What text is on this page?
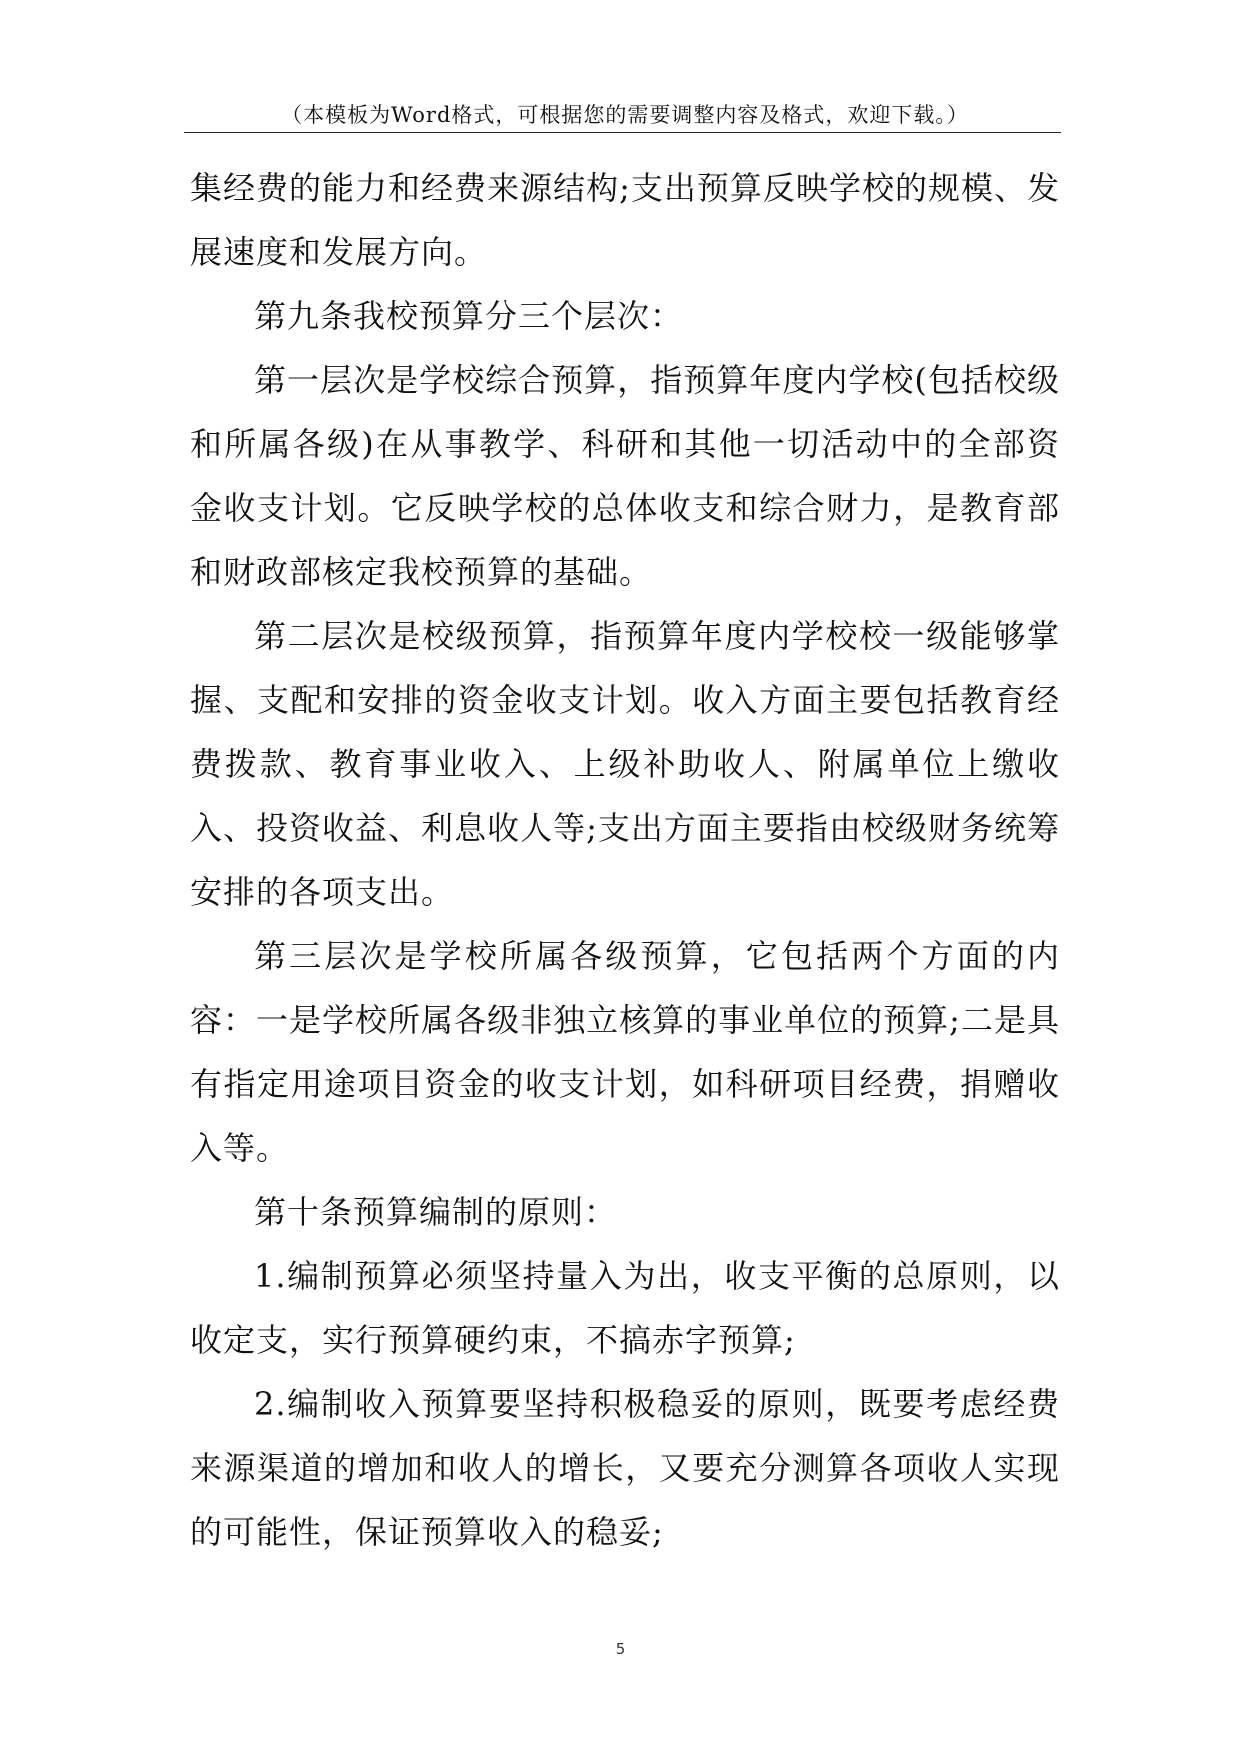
（本模板为Word格式，可根据您的需要调整内容及格式，欢迎下载。）

集经费的能力和经费来源结构;支出预算反映学校的规模、发展速度和发展方向。

第九条我校预算分三个层次：

第一层次是学校综合预算，指预算年度内学校(包括校级和所属各级)在从事教学、科研和其他一切活动中的全部资金收支计划。它反映学校的总体收支和综合财力，是教育部和财政部核定我校预算的基础。

第二层次是校级预算，指预算年度内学校校一级能够掌握、支配和安排的资金收支计划。收入方面主要包括教育经费拨款、教育事业收入、上级补助收人、附属单位上缴收入、投资收益、利息收人等;支出方面主要指由校级财务统筹安排的各项支出。

第三层次是学校所属各级预算，它包括两个方面的内容：一是学校所属各级非独立核算的事业单位的预算;二是具有指定用途项目资金的收支计划，如科研项目经费，捐赠收入等。

第十条预算编制的原则：

1.编制预算必须坚持量入为出，收支平衡的总原则，以收定支，实行预算硬约束，不搞赤字预算;

2.编制收入预算要坚持积极稳妥的原则，既要考虑经费来源渠道的增加和收人的增长，又要充分测算各项收人实现的可能性，保证预算收入的稳妥;

5
